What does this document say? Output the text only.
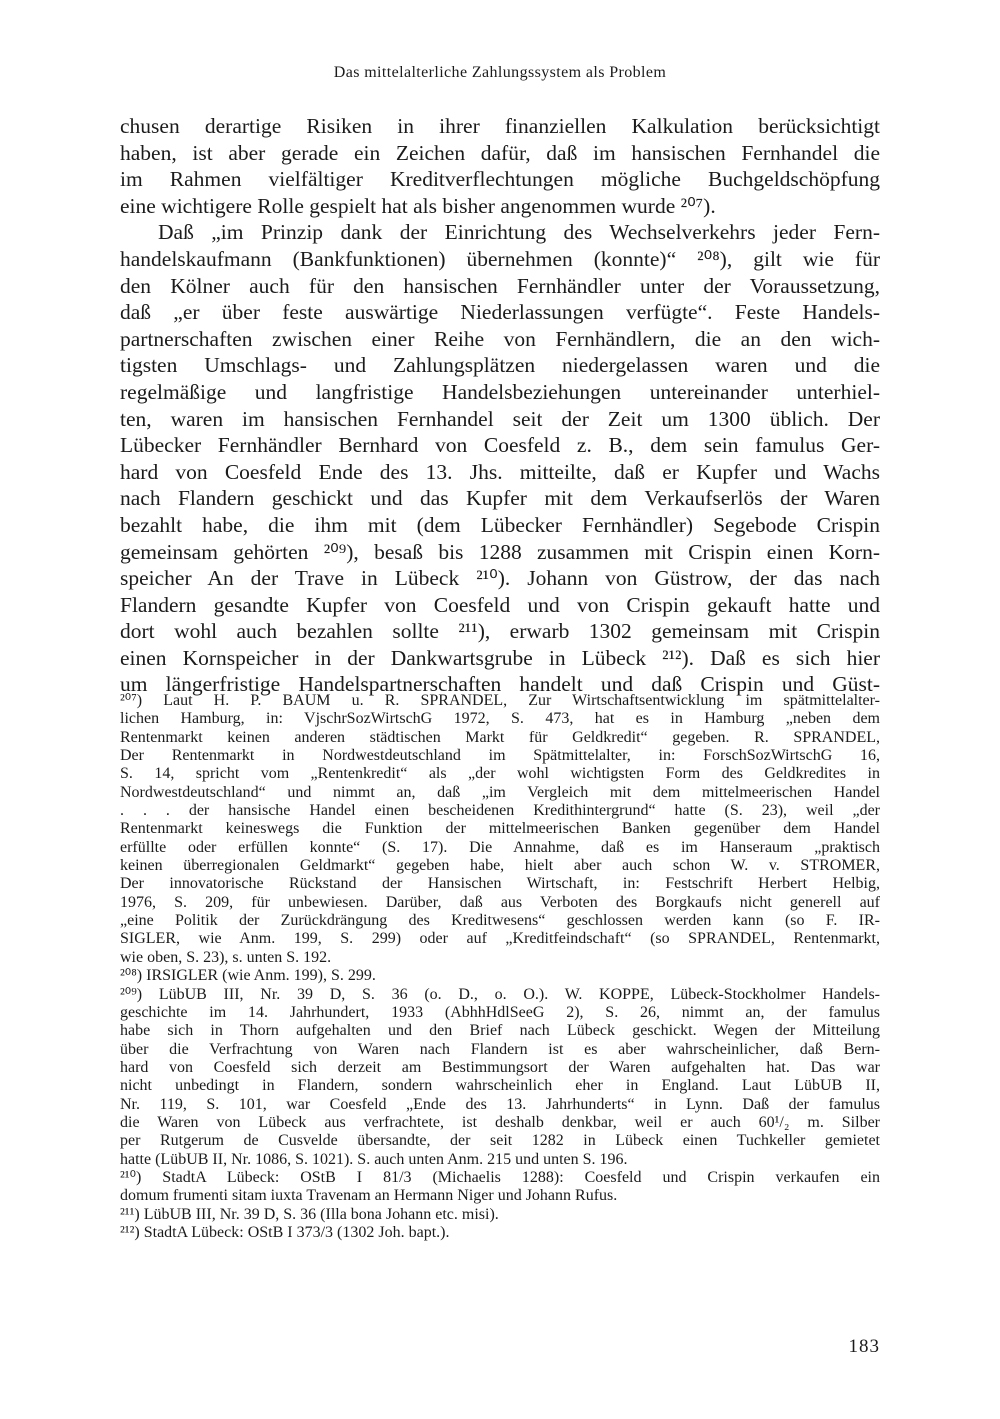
Das mittelalterliche Zahlungssystem als Problem
chusen derartige Risiken in ihrer finanziellen Kalkulation berücksichtigt
haben, ist aber gerade ein Zeichen dafür, daß im hansischen Fernhandel die
im Rahmen vielfältiger Kreditverflechtungen mögliche Buchgeldschöpfung
eine wichtigere Rolle gespielt hat als bisher angenommen wurde ²⁰⁷).
Daß „im Prinzip dank der Einrichtung des Wechselverkehrs jeder Fern-
handelskaufmann (Bankfunktionen) übernehmen (konnte)“ ²⁰⁸), gilt wie für
den Kölner auch für den hansischen Fernhändler unter der Voraussetzung,
daß „er über feste auswärtige Niederlassungen verfügte“. Feste Handels-
partnerschaften zwischen einer Reihe von Fernhändlern, die an den wich-
tigsten Umschlags- und Zahlungsplätzen niedergelassen waren und die
regelmäßige und langfristige Handelsbeziehungen untereinander unterhiel-
ten, waren im hansischen Fernhandel seit der Zeit um 1300 üblich. Der
Lübecker Fernhändler Bernhard von Coesfeld z. B., dem sein famulus Ger-
hard von Coesfeld Ende des 13. Jhs. mitteilte, daß er Kupfer und Wachs
nach Flandern geschickt und das Kupfer mit dem Verkaufserlös der Waren
bezahlt habe, die ihm mit (dem Lübecker Fernhändler) Segebode Crispin
gemeinsam gehörten ²⁰⁹), besaß bis 1288 zusammen mit Crispin einen Korn-
speicher An der Trave in Lübeck ²¹⁰). Johann von Güstrow, der das nach
Flandern gesandte Kupfer von Coesfeld und von Crispin gekauft hatte und
dort wohl auch bezahlen sollte ²¹¹), erwarb 1302 gemeinsam mit Crispin
einen Kornspeicher in der Dankwartsgrube in Lübeck ²¹²). Daß es sich hier
um längerfristige Handelspartnerschaften handelt und daß Crispin und Güst-
²⁰⁷) Laut H. P. BAUM u. R. SPRANDEL, Zur Wirtschaftsentwicklung im spätmittelalter-
lichen Hamburg, in: VjschrSozWirtschG 1972, S. 473, hat es in Hamburg „neben dem
Rentenmarkt keinen anderen städtischen Markt für Geldkredit“ gegeben. R. SPRANDEL,
Der Rentenmarkt in Nordwestdeutschland im Spätmittelalter, in: ForschSozWirtschG 16,
S. 14, spricht vom „Rentenkredit“ als „der wohl wichtigsten Form des Geldkredites in
Nordwestdeutschland“ und nimmt an, daß „im Vergleich mit dem mittelmeerischen Handel
. . . der hansische Handel einen bescheidenen Kredithintergrund“ hatte (S. 23), weil „der
Rentenmarkt keineswegs die Funktion der mittelmeerischen Banken gegenüber dem Handel
erfüllte oder erfüllen konnte“ (S. 17). Die Annahme, daß es im Hanseraum „praktisch
keinen überregionalen Geldmarkt“ gegeben habe, hielt aber auch schon W. v. STROMER,
Der innovatorische Rückstand der Hansischen Wirtschaft, in: Festschrift Herbert Helbig,
1976, S. 209, für unbewiesen. Darüber, daß aus Verboten des Borgkaufs nicht generell auf
„eine Politik der Zurückdrängung des Kreditwesens“ geschlossen werden kann (so F. IR-
SIGLER, wie Anm. 199, S. 299) oder auf „Kreditfeindschaft“ (so SPRANDEL, Rentenmarkt,
wie oben, S. 23), s. unten S. 192.
²⁰⁸) IRSIGLER (wie Anm. 199), S. 299.
²⁰⁹) LübUB III, Nr. 39 D, S. 36 (o. D., o. O.). W. KOPPE, Lübeck-Stockholmer Handels-
geschichte im 14. Jahrhundert, 1933 (AbhhHdlSeeG 2), S. 26, nimmt an, der famulus
habe sich in Thorn aufgehalten und den Brief nach Lübeck geschickt. Wegen der Mitteilung
über die Verfrachtung von Waren nach Flandern ist es aber wahrscheinlicher, daß Bern-
hard von Coesfeld sich derzeit am Bestimmungsort der Waren aufgehalten hat. Das war
nicht unbedingt in Flandern, sondern wahrscheinlich eher in England. Laut LübUB II,
Nr. 119, S. 101, war Coesfeld „Ende des 13. Jahrhunderts“ in Lynn. Daß der famulus
die Waren von Lübeck aus verfrachtete, ist deshalb denkbar, weil er auch 60¹/₂ m. Silber
per Rutgerum de Cusvelde übersandte, der seit 1282 in Lübeck einen Tuchkeller gemietet
hatte (LübUB II, Nr. 1086, S. 1021). S. auch unten Anm. 215 und unten S. 196.
²¹⁰) StadtA Lübeck: OStB I 81/3 (Michaelis 1288): Coesfeld und Crispin verkaufen ein
domum frumenti sitam iuxta Travenam an Hermann Niger und Johann Rufus.
²¹¹) LübUB III, Nr. 39 D, S. 36 (Illa bona Johann etc. misi).
²¹²) StadtA Lübeck: OStB I 373/3 (1302 Joh. bapt.).
183
